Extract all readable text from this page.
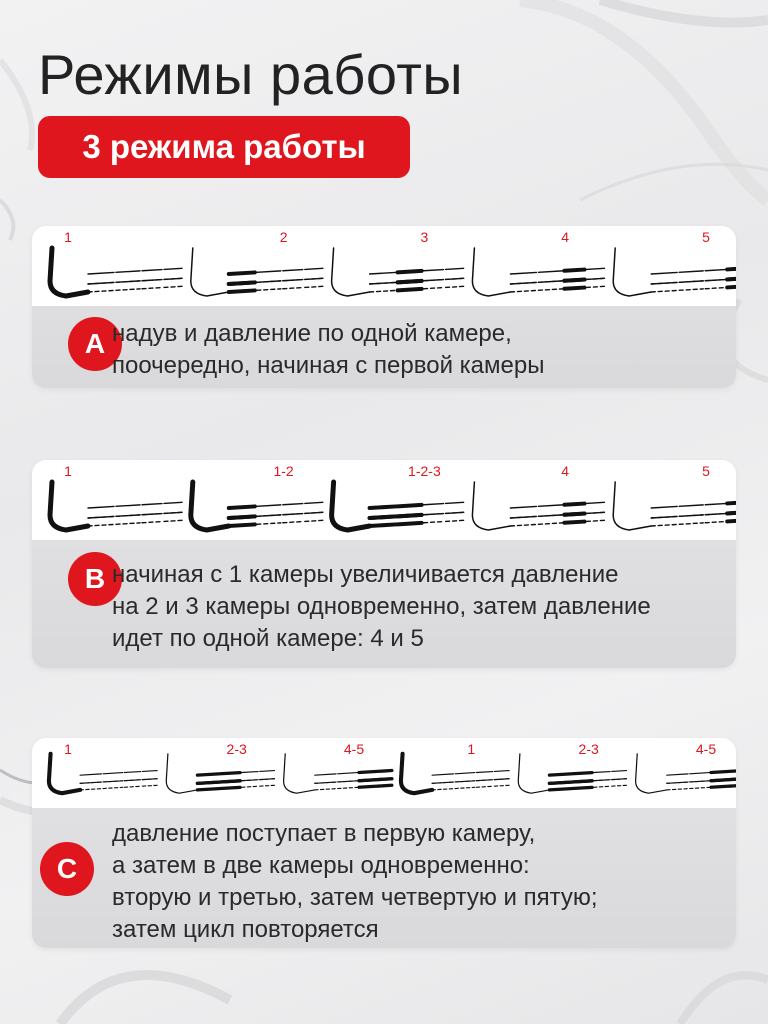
Режимы работы
3 режима работы
1	2	3	4	5
A надув и давление по одной камере,
поочередно, начиная с первой камеры

1	1-2	1-2-3	4	5
B начиная с 1 камеры увеличивается давление
на 2 и 3 камеры одновременно, затем давление
идет по одной камере: 4 и 5

1	2-3	4-5	1	2-3	4-5
C

давление поступает в первую камеру,
а затем в две камеры одновременно:
вторую и третью, затем четвертую и пятую;
затем цикл повторяется
